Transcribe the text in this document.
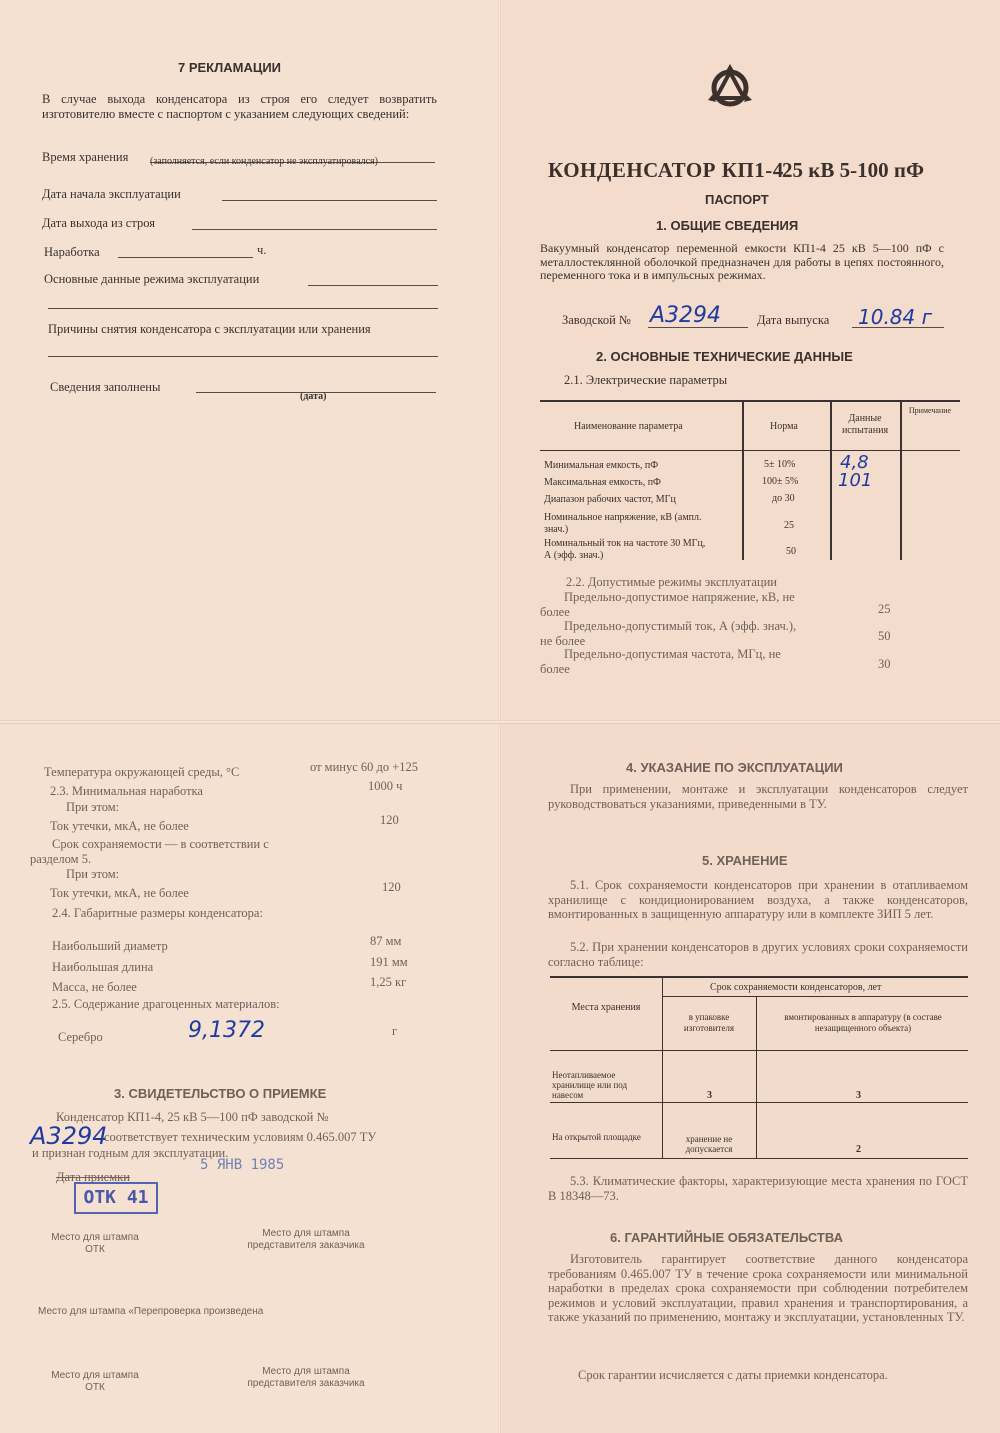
7 РЕКЛАМАЦИИ

В случае выхода конденсатора из строя его следует возвратить изготовителю вместе с паспортом с указанием следующих сведений:

Время хранения (заполняется, если конденсатор не эксплуатировался)
Дата начала эксплуатации
Дата выхода из строя
Наработка	ч.
Основные данные режима эксплуатации
Причины снятия конденсатора с эксплуатации или хранения
Сведения заполнены
(дата)
КОНДЕНСАТОР КП1-4
25 кВ 5-100 пФ
ПАСПОРТ
1. ОБЩИЕ СВЕДЕНИЯ

Вакуумный конденсатор переменной емкости КП1-4 25 кВ 5—100 пФ с металлостеклянной оболочкой предназначен для работы в цепях постоянного, переменного тока и в импульсных режимах.

Заводской № А3294	Дата выпуска 10.84 г
2. ОСНОВНЫЕ ТЕХНИЧЕСКИЕ ДАННЫЕ
2.1. Электрические параметры
Наименование параметра	Норма
Данные испытания
Примечание
Минимальная емкость, пФ	5± 10% 4,8
Максимальная емкость, пФ	100± 5% 101
Диапазон рабочих частот, МГц	до 30
Номинальное напряжение, кВ (ампл. знач.)	25
Номинальный ток на частоте 30 МГц, А (эфф. знач.)	50
2.2. Допустимые режимы эксплуатации
Предельно-допустимое напряжение, кВ, не более	25
Предельно-допустимый ток, А (эфф. знач.), не более	50
Предельно-допустимая частота, МГц, не более	30
Температура окружающей среды, °С	от минус 60 до +125
2.3. Минимальная наработка	1000 ч
При этом:
Ток утечки, мкА, не более	120
Срок сохраняемости — в соответствии с разделом 5.
При этом:
Ток утечки, мкА, не более	120
2.4. Габаритные размеры конденсатора:
Наибольший диаметр	87 мм
Наибольшая длина	191 мм
Масса, не более	1,25 кг
2.5. Содержание драгоценных материалов:
Серебро	9,1372	г
3. СВИДЕТЕЛЬСТВО О ПРИЕМКЕ
Конденсатор КП1-4, 25 кВ 5—100 пФ заводской №
А3294
соответствует техническим условиям 0.465.007 ТУ
и признан годным для эксплуатации.
Дата приемки
5 ЯНВ 1985
ОТК 41
Место для штампа ОТК
Место для штампа представителя заказчика
Место для штампа «Перепроверка произведена
Место для штампа ОТК
Место для штампа представителя заказчика
4. УКАЗАНИЕ ПО ЭКСПЛУАТАЦИИ

При применении, монтаже и эксплуатации конденсаторов следует руководствоваться указаниями, приведенными в ТУ.

5. ХРАНЕНИЕ

5.1. Срок сохраняемости конденсаторов при хранении в отапливаемом хранилище с кондиционированием воздуха, а также конденсаторов, вмонтированных в защищенную аппаратуру или в комплекте ЗИП 5 лет.

5.2. При хранении конденсаторов в других условиях сроки сохраняемости согласно таблице:

Срок сохраняемости конденсаторов, лет
Места хранения
в упаковке изготовителя
вмонтированных в аппаратуру (в составе незащищенного объекта)
Неотапливаемое хранилище или под навесом	3	3
На открытой площадке	хранение не допускается	2

5.3. Климатические факторы, характеризующие места хранения по ГОСТ В 18348—73.

6. ГАРАНТИЙНЫЕ ОБЯЗАТЕЛЬСТВА

Изготовитель гарантирует соответствие данного конденсатора требованиям 0.465.007 ТУ в течение срока сохраняемости или минимальной наработки в пределах срока сохраняемости при соблюдении потребителем режимов и условий эксплуатации, правил хранения и транспортирования, а также указаний по применению, монтажу и эксплуатации, установленных ТУ.

Срок гарантии исчисляется с даты приемки конденсатора.
